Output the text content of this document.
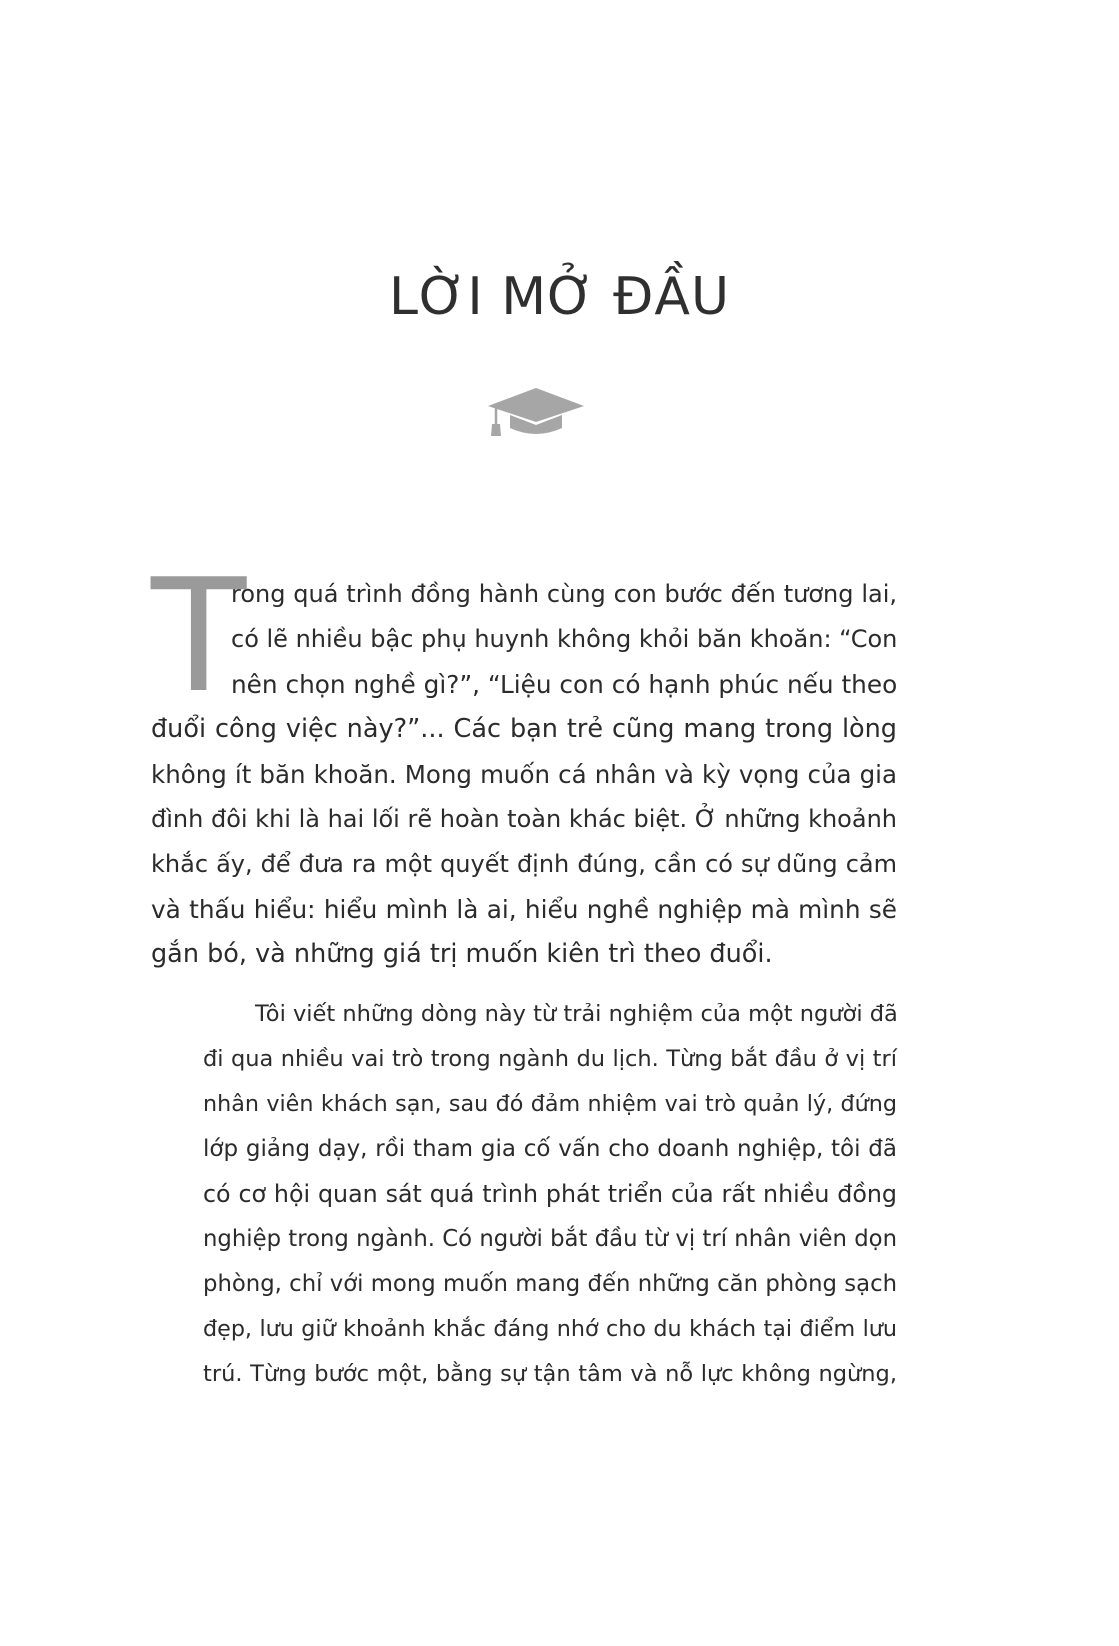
LỜI MỞ ĐẦU
T
rong quá trình đồng hành cùng con bước đến tương lai,
có lẽ nhiều bậc phụ huynh không khỏi băn khoăn: “Con
nên chọn nghề gì?”, “Liệu con có hạnh phúc nếu theo
đuổi công việc này?”... Các bạn trẻ cũng mang trong lòng
không ít băn khoăn. Mong muốn cá nhân và kỳ vọng của gia
đình đôi khi là hai lối rẽ hoàn toàn khác biệt. Ở những khoảnh
khắc ấy, để đưa ra một quyết định đúng, cần có sự dũng cảm
và thấu hiểu: hiểu mình là ai, hiểu nghề nghiệp mà mình sẽ
gắn bó, và những giá trị muốn kiên trì theo đuổi.
Tôi viết những dòng này từ trải nghiệm của một người đã
đi qua nhiều vai trò trong ngành du lịch. Từng bắt đầu ở vị trí
nhân viên khách sạn, sau đó đảm nhiệm vai trò quản lý, đứng
lớp giảng dạy, rồi tham gia cố vấn cho doanh nghiệp, tôi đã
có cơ hội quan sát quá trình phát triển của rất nhiều đồng
nghiệp trong ngành. Có người bắt đầu từ vị trí nhân viên dọn
phòng, chỉ với mong muốn mang đến những căn phòng sạch
đẹp, lưu giữ khoảnh khắc đáng nhớ cho du khách tại điểm lưu
trú. Từng bước một, bằng sự tận tâm và nỗ lực không ngừng,
